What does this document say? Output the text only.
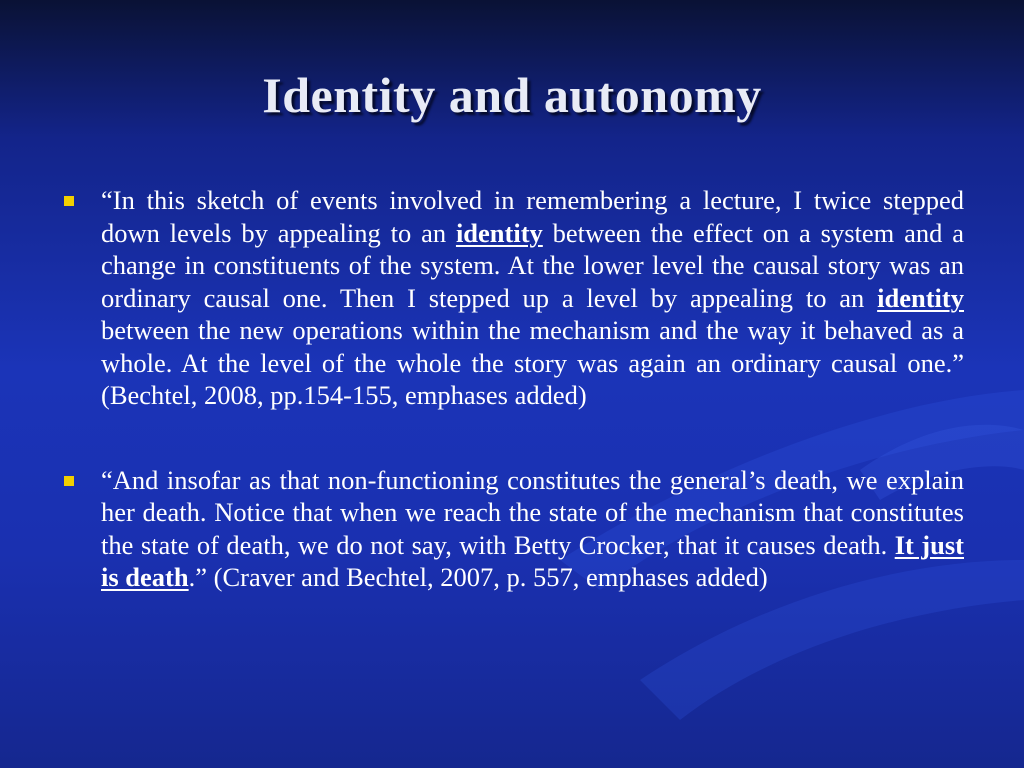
Identity and autonomy
“In this sketch of events involved in remembering a lecture, I twice stepped down levels by appealing to an identity between the effect on a system and a change in constituents of the system. At the lower level the causal story was an ordinary causal one. Then I stepped up a level by appealing to an identity between the new operations within the mechanism and the way it behaved as a whole. At the level of the whole the story was again an ordinary causal one.” (Bechtel, 2008, pp.154-155, emphases added)
“And insofar as that non-functioning constitutes the general’s death, we explain her death. Notice that when we reach the state of the mechanism that constitutes the state of death, we do not say, with Betty Crocker, that it causes death. It just is death.” (Craver and Bechtel, 2007, p. 557, emphases added)
